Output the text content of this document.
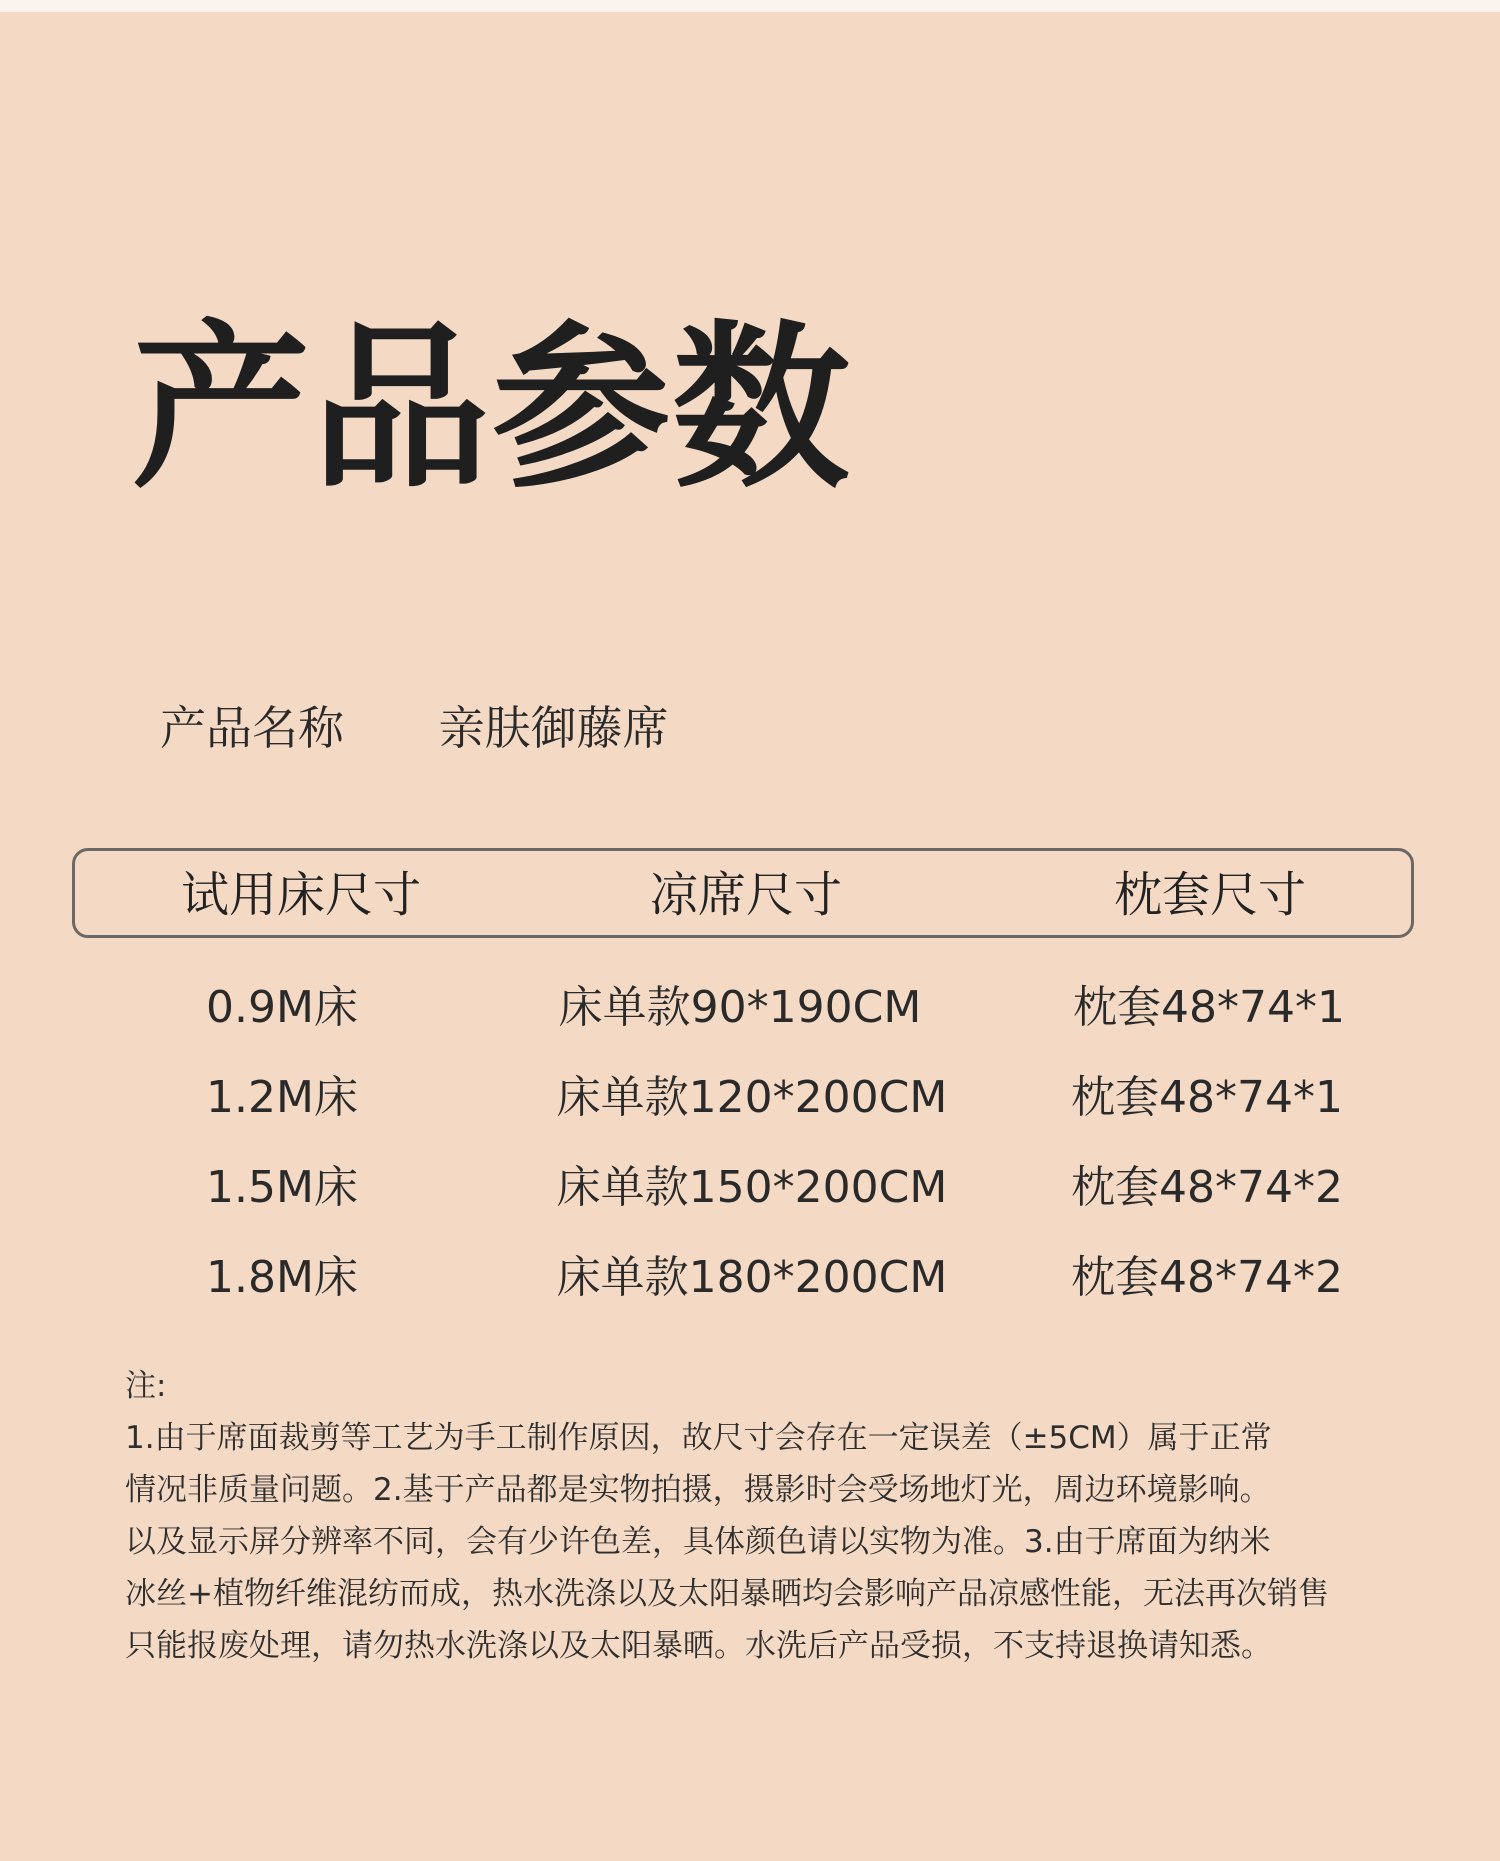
产品参数
产品名称 亲肤御藤席
试用床尺寸	凉席尺寸	枕套尺寸
0.9M床	床单款90*190CM	枕套48*74*1
1.2M床	床单款120*200CM	枕套48*74*1
1.5M床	床单款150*200CM	枕套48*74*2
1.8M床	床单款180*200CM	枕套48*74*2

注:

1.由于席面裁剪等工艺为手工制作原因，故尺寸会存在一定误差（±5CM）属于正常

情况非质量问题。2.基于产品都是实物拍摄，摄影时会受场地灯光，周边环境影响。

以及显示屏分辨率不同，会有少许色差，具体颜色请以实物为准。3.由于席面为纳米

冰丝+植物纤维混纺而成，热水洗涤以及太阳暴晒均会影响产品凉感性能，无法再次销售

只能报废处理，请勿热水洗涤以及太阳暴晒。水洗后产品受损，不支持退换请知悉。
